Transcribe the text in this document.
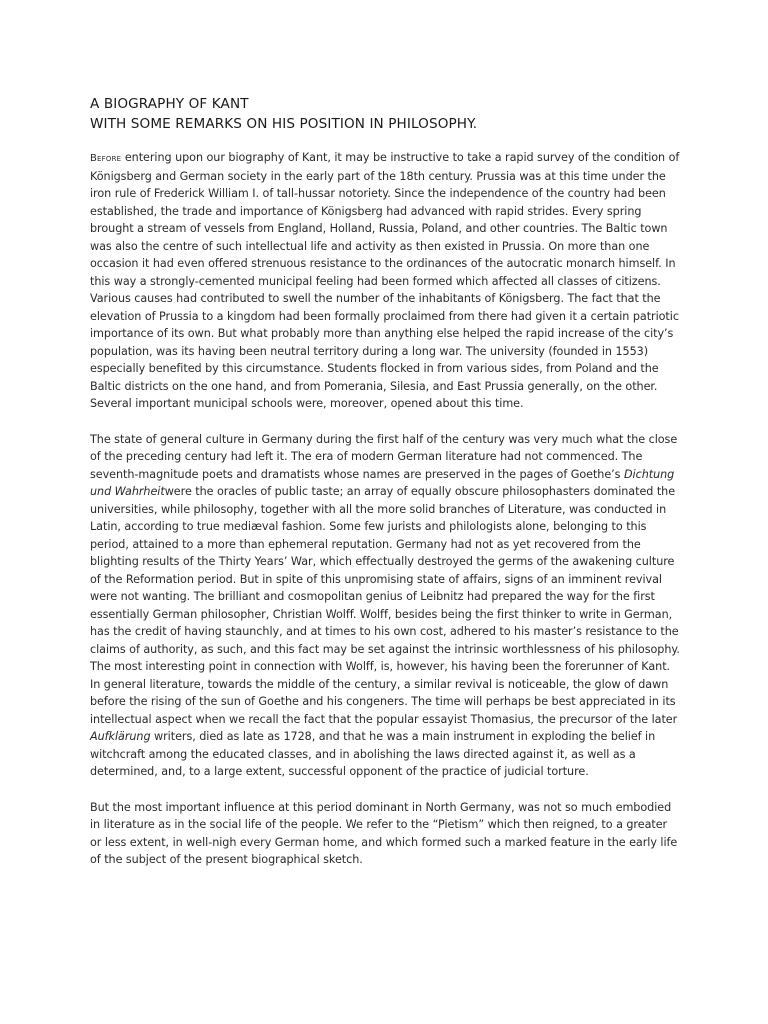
A BIOGRAPHY OF KANT
WITH SOME REMARKS ON HIS POSITION IN PHILOSOPHY.

Before entering upon our biography of Kant, it may be instructive to take a rapid survey of the condition of Königsberg and German society in the early part of the 18th century. Prussia was at this time under the iron rule of Frederick William I. of tall-hussar notoriety. Since the independence of the country had been established, the trade and importance of Königsberg had advanced with rapid strides. Every spring brought a stream of vessels from England, Holland, Russia, Poland, and other countries. The Baltic town was also the centre of such intellectual life and activity as then existed in Prussia. On more than one occasion it had even offered strenuous resistance to the ordinances of the autocratic monarch himself. In this way a strongly-cemented municipal feeling had been formed which affected all classes of citizens. Various causes had contributed to swell the number of the inhabitants of Königsberg. The fact that the elevation of Prussia to a kingdom had been formally proclaimed from there had given it a certain patriotic importance of its own. But what probably more than anything else helped the rapid increase of the city’s population, was its having been neutral territory during a long war. The university (founded in 1553) especially benefited by this circumstance. Students flocked in from various sides, from Poland and the Baltic districts on the one hand, and from Pomerania, Silesia, and East Prussia generally, on the other. Several important municipal schools were, moreover, opened about this time.

The state of general culture in Germany during the first half of the century was very much what the close of the preceding century had left it. The era of modern German literature had not commenced. The seventh-magnitude poets and dramatists whose names are preserved in the pages of Goethe’s Dichtung und Wahrheitwere the oracles of public taste; an array of equally obscure philosophasters dominated the universities, while philosophy, together with all the more solid branches of Literature, was conducted in Latin, according to true mediæval fashion. Some few jurists and philologists alone, belonging to this period, attained to a more than ephemeral reputation. Germany had not as yet recovered from the blighting results of the Thirty Years’ War, which effectually destroyed the germs of the awakening culture of the Reformation period. But in spite of this unpromising state of affairs, signs of an imminent revival were not wanting. The brilliant and cosmopolitan genius of Leibnitz had prepared the way for the first essentially German philosopher, Christian Wolff. Wolff, besides being the first thinker to write in German, has the credit of having staunchly, and at times to his own cost, adhered to his master’s resistance to the claims of authority, as such, and this fact may be set against the intrinsic worthlessness of his philosophy. The most interesting point in connection with Wolff, is, however, his having been the forerunner of Kant. In general literature, towards the middle of the century, a similar revival is noticeable, the glow of dawn before the rising of the sun of Goethe and his congeners. The time will perhaps be best appreciated in its intellectual aspect when we recall the fact that the popular essayist Thomasius, the precursor of the later Aufklärung writers, died as late as 1728, and that he was a main instrument in exploding the belief in witchcraft among the educated classes, and in abolishing the laws directed against it, as well as a determined, and, to a large extent, successful opponent of the practice of judicial torture.

But the most important influence at this period dominant in North Germany, was not so much embodied in literature as in the social life of the people. We refer to the “Pietism” which then reigned, to a greater or less extent, in well-nigh every German home, and which formed such a marked feature in the early life of the subject of the present biographical sketch.
